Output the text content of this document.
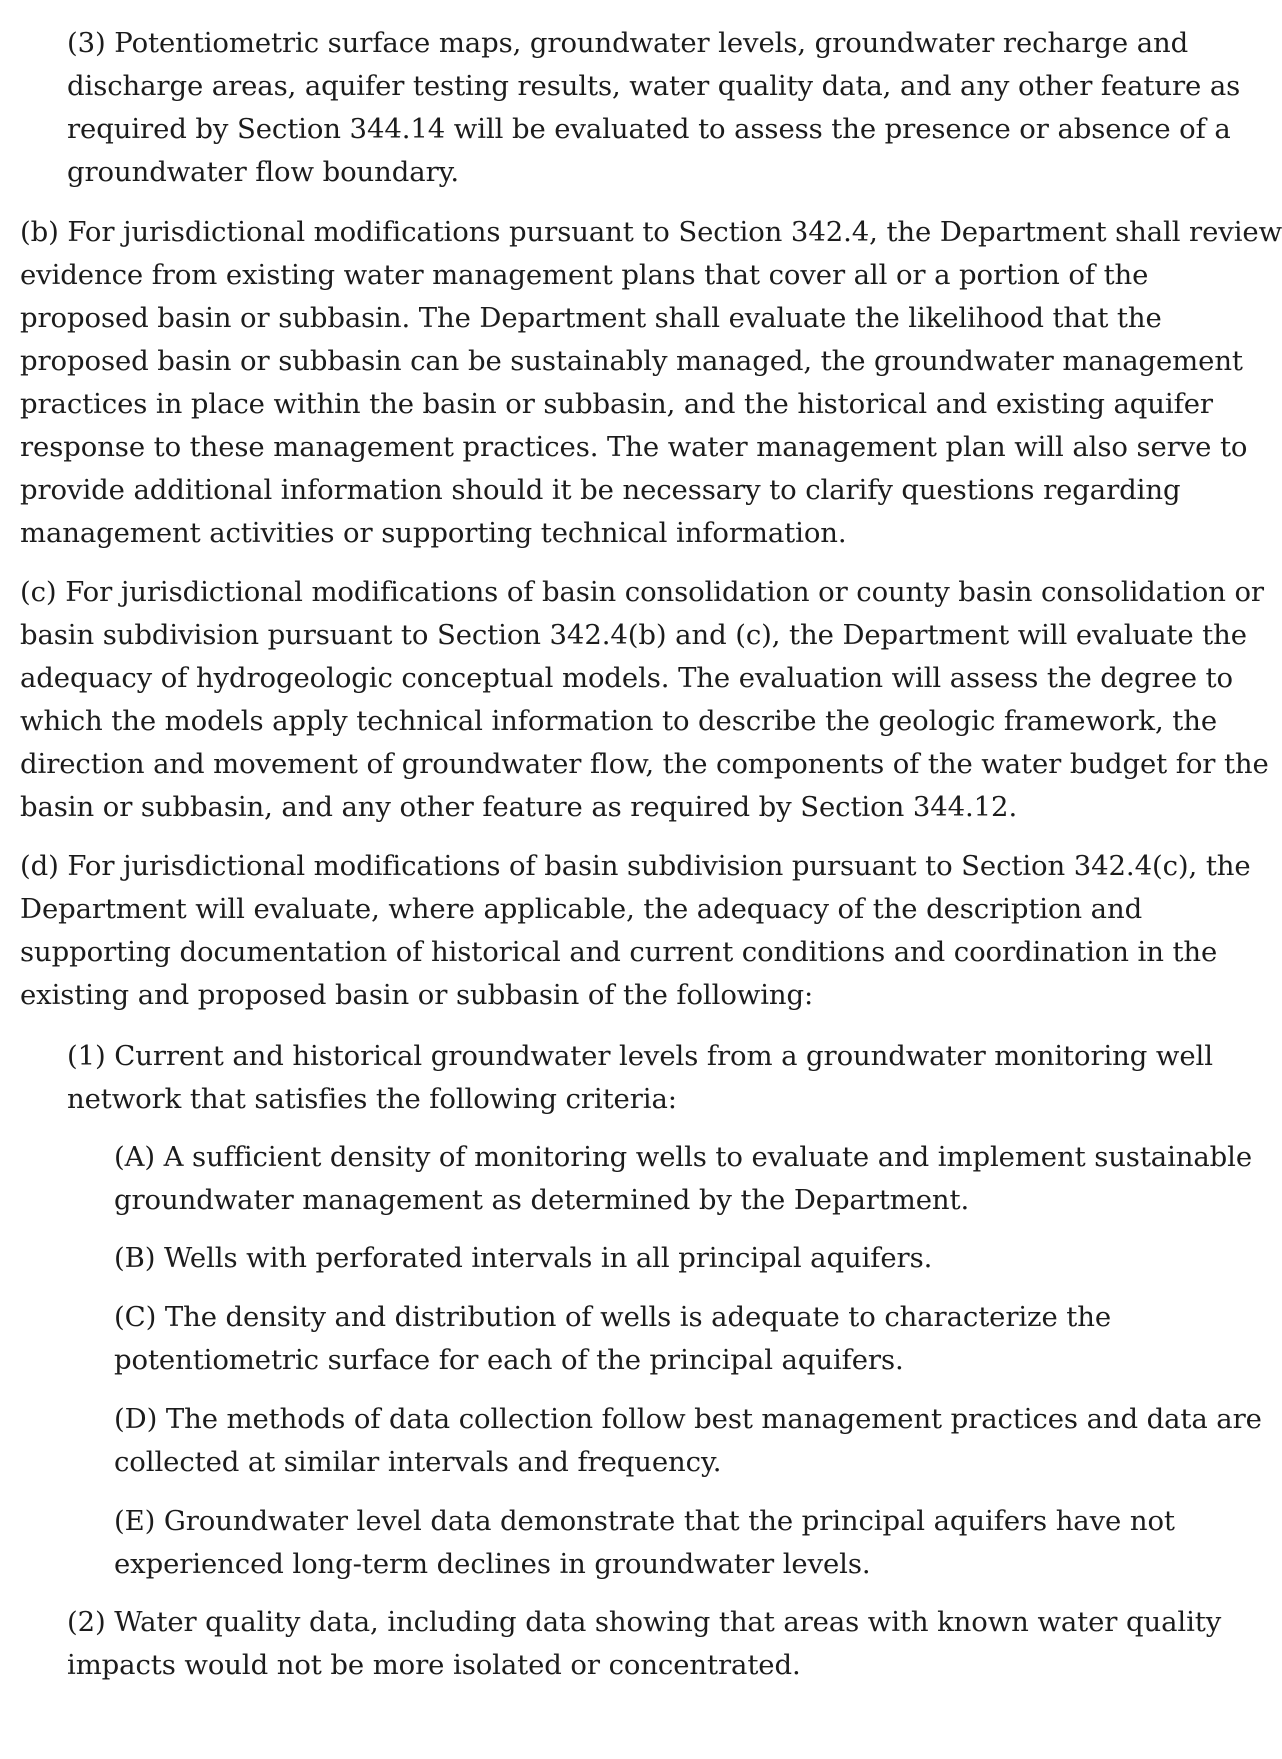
(3) Potentiometric surface maps, groundwater levels, groundwater recharge and discharge areas, aquifer testing results, water quality data, and any other feature as required by Section 344.14 will be evaluated to assess the presence or absence of a groundwater flow boundary.

(b) For jurisdictional modifications pursuant to Section 342.4, the Department shall review evidence from existing water management plans that cover all or a portion of the proposed basin or subbasin. The Department shall evaluate the likelihood that the proposed basin or subbasin can be sustainably managed, the groundwater management practices in place within the basin or subbasin, and the historical and existing aquifer response to these management practices. The water management plan will also serve to provide additional information should it be necessary to clarify questions regarding management activities or supporting technical information.

(c) For jurisdictional modifications of basin consolidation or county basin consolidation or basin subdivision pursuant to Section 342.4(b) and (c), the Department will evaluate the adequacy of hydrogeologic conceptual models. The evaluation will assess the degree to which the models apply technical information to describe the geologic framework, the direction and movement of groundwater flow, the components of the water budget for the basin or subbasin, and any other feature as required by Section 344.12.

(d) For jurisdictional modifications of basin subdivision pursuant to Section 342.4(c), the Department will evaluate, where applicable, the adequacy of the description and supporting documentation of historical and current conditions and coordination in the existing and proposed basin or subbasin of the following:

(1) Current and historical groundwater levels from a groundwater monitoring well network that satisfies the following criteria:

(A) A sufficient density of monitoring wells to evaluate and implement sustainable groundwater management as determined by the Department.

(B) Wells with perforated intervals in all principal aquifers.

(C) The density and distribution of wells is adequate to characterize the potentiometric surface for each of the principal aquifers.

(D) The methods of data collection follow best management practices and data are collected at similar intervals and frequency.

(E) Groundwater level data demonstrate that the principal aquifers have not experienced long-term declines in groundwater levels.

(2) Water quality data, including data showing that areas with known water quality impacts would not be more isolated or concentrated.
